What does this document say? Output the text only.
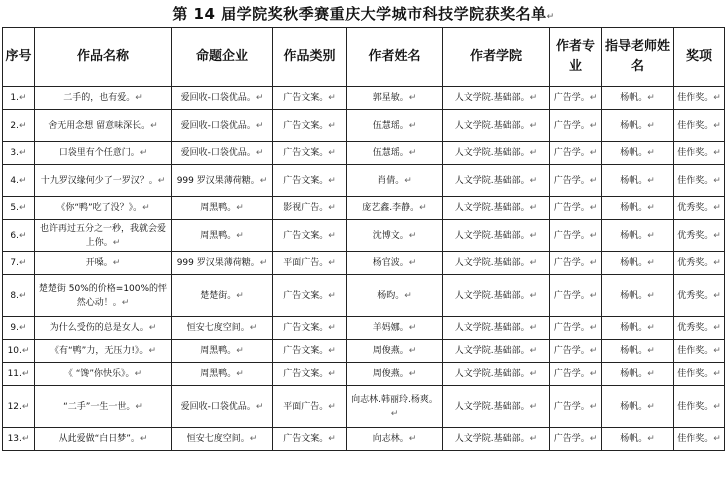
第 14 届学院奖秋季赛重庆大学城市科技学院获奖名单↵
序号	作品名称	命题企业	作品类别	作者姓名	作者学院	作者专业	指导老师姓名	奖项
1.↵	二手的，也有爱。↵	爱回收-口袋优品。↵	广告文案。↵	郭星敏。↵	人文学院.基础部。↵	广告学。↵	杨帆。↵	佳作奖。↵
2.↵	舍无用念想 留意味深长。↵	爱回收-口袋优品。↵	广告文案。↵	伍慧瑶。↵	人文学院.基础部。↵	广告学。↵	杨帆。↵	佳作奖。↵
3.↵	口袋里有个任意门。↵	爱回收-口袋优品。↵	广告文案。↵	伍慧瑶。↵	人文学院.基础部。↵	广告学。↵	杨帆。↵	佳作奖。↵
4.↵	十九罗汉缘何少了一罗汉？。↵	999 罗汉果薄荷糖。↵	广告文案。↵	肖倩。↵	人文学院.基础部。↵	广告学。↵	杨帆。↵	佳作奖。↵
5.↵	《你“鸭”吃了没？》。↵	周黑鸭。↵	影视广告。↵	庞艺鑫.李静。↵	人文学院.基础部。↵	广告学。↵	杨帆。↵	优秀奖。↵
6.↵	也许再过五分之一秒，我就会爱上你。↵	周黑鸭。↵	广告文案。↵	沈博文。↵	人文学院.基础部。↵	广告学。↵	杨帆。↵	优秀奖。↵
7.↵	开嗓。↵	999 罗汉果薄荷糖。↵	平面广告。↵	杨官波。↵	人文学院.基础部。↵	广告学。↵	杨帆。↵	优秀奖。↵
8.↵	楚楚街 50%的价格=100%的怦然心动！。↵	楚楚街。↵	广告文案。↵	杨昀。↵	人文学院.基础部。↵	广告学。↵	杨帆。↵	优秀奖。↵
9.↵	为什么受伤的总是女人。↵	恒安七度空间。↵	广告文案。↵	羊妈娜。↵	人文学院.基础部。↵	广告学。↵	杨帆。↵	优秀奖。↵
10.↵	《有“鸭”力，无压力!》。↵	周黑鸭。↵	广告文案。↵	周俊燕。↵	人文学院.基础部。↵	广告学。↵	杨帆。↵	佳作奖。↵
11.↵	《 “馋”你快乐》。↵	周黑鸭。↵	广告文案。↵	周俊燕。↵	人文学院.基础部。↵	广告学。↵	杨帆。↵	佳作奖。↵
12.↵	“二手”一生一世。↵	爱回收-口袋优品。↵	平面广告。↵	向志林.韩丽玲.杨爽。↵	人文学院.基础部。↵	广告学。↵	杨帆。↵	佳作奖。↵
13.↵	从此爱做“白日梦”。↵	恒安七度空间。↵	广告文案。↵	向志林。↵	人文学院.基础部。↵	广告学。↵	杨帆。↵	佳作奖。↵
